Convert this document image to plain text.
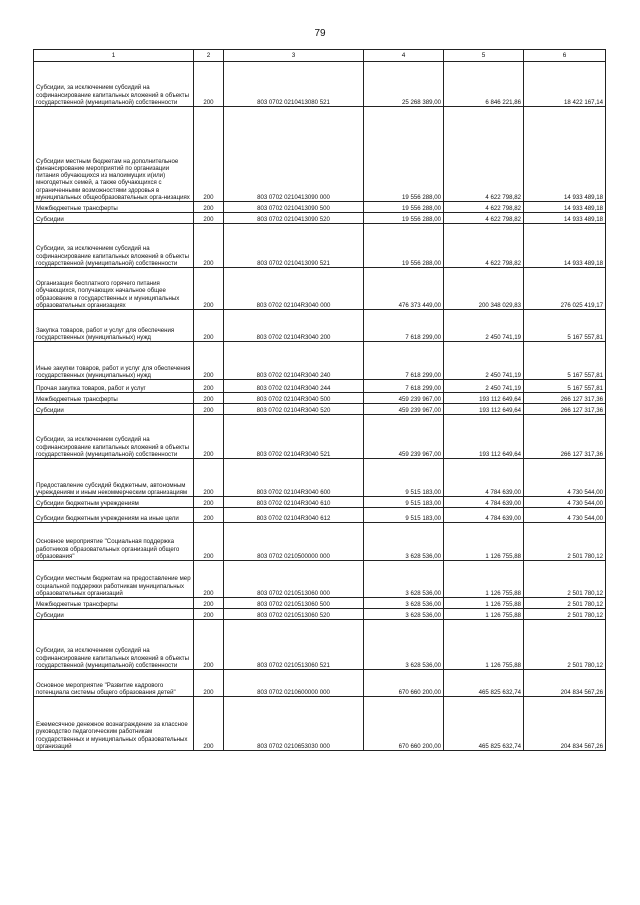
79
1	2	3	4	5	6
Субсидии, за исключением субсидий на софинансирование капитальных вложений в объекты государственной (муниципальной) собственности	200	803 0702 0210413080 521	25 268 389,00	6 846 221,86	18 422 167,14
Субсидии местным бюджетам на дополнительное финансирование мероприятий по организации питания обучающихся из малоимущих и(или) многодетных семей, а также обучающихся с ограниченными возможностями здоровья в муниципальных общеобразовательных орга-низациях	200	803 0702 0210413090 000	19 556 288,00	4 622 798,82	14 933 489,18
Межбюджетные трансферты	200	803 0702 0210413090 500	19 556 288,00	4 622 798,82	14 933 489,18
Субсидии	200	803 0702 0210413090 520	19 556 288,00	4 622 798,82	14 933 489,18
Субсидии, за исключением субсидий на софинансирование капитальных вложений в объекты государственной (муниципальной) собственности	200	803 0702 0210413090 521	19 556 288,00	4 622 798,82	14 933 489,18
Организация бесплатного горячего питания обучающихся, получающих начальное общее образование в государственных и муниципальных образовательных организациях	200	803 0702 02104R3040 000	476 373 449,00	200 348 029,83	276 025 419,17
Закупка товаров, работ и услуг для обеспечения государственных (муниципальных) нужд	200	803 0702 02104R3040 200	7 618 299,00	2 450 741,19	5 167 557,81
Иные закупки товаров, работ и услуг для обеспечения государственных (муниципальных) нужд	200	803 0702 02104R3040 240	7 618 299,00	2 450 741,19	5 167 557,81
Прочая закупка товаров, работ и услуг	200	803 0702 02104R3040 244	7 618 299,00	2 450 741,19	5 167 557,81
Межбюджетные трансферты	200	803 0702 02104R3040 500	459 239 967,00	193 112 649,64	266 127 317,36
Субсидии	200	803 0702 02104R3040 520	459 239 967,00	193 112 649,64	266 127 317,36
Субсидии, за исключением субсидий на софинансирование капитальных вложений в объекты государственной (муниципальной) собственности	200	803 0702 02104R3040 521	459 239 967,00	193 112 649,64	266 127 317,36
Предоставление субсидий бюджетным, автономным учреждениям и иным некоммерческим организациям	200	803 0702 02104R3040 600	9 515 183,00	4 784 639,00	4 730 544,00
Субсидии бюджетным учреждениям	200	803 0702 02104R3040 610	9 515 183,00	4 784 639,00	4 730 544,00
Субсидии бюджетным учреждениям на иные цели	200	803 0702 02104R3040 612	9 515 183,00	4 784 639,00	4 730 544,00
Основное мероприятие "Социальная поддержка работников образовательных организаций общего образования"	200	803 0702 0210500000 000	3 628 536,00	1 126 755,88	2 501 780,12
Субсидии местным бюджетам на предоставление мер социальной поддержки работникам муниципальных образовательных организаций	200	803 0702 0210513060 000	3 628 536,00	1 126 755,88	2 501 780,12
Межбюджетные трансферты	200	803 0702 0210513060 500	3 628 536,00	1 126 755,88	2 501 780,12
Субсидии	200	803 0702 0210513060 520	3 628 536,00	1 126 755,88	2 501 780,12
Субсидии, за исключением субсидий на софинансирование капитальных вложений в объекты государственной (муниципальной) собственности	200	803 0702 0210513060 521	3 628 536,00	1 126 755,88	2 501 780,12
Основное мероприятие "Развитие кадрового потенциала системы общего образования детей"	200	803 0702 0210600000 000	670 660 200,00	465 825 632,74	204 834 567,26
Ежемесячное денежное вознаграждение за классное руководство педагогическим работникам государственных и муниципальных образовательных организаций	200	803 0702 0210653030 000	670 660 200,00	465 825 632,74	204 834 567,26
